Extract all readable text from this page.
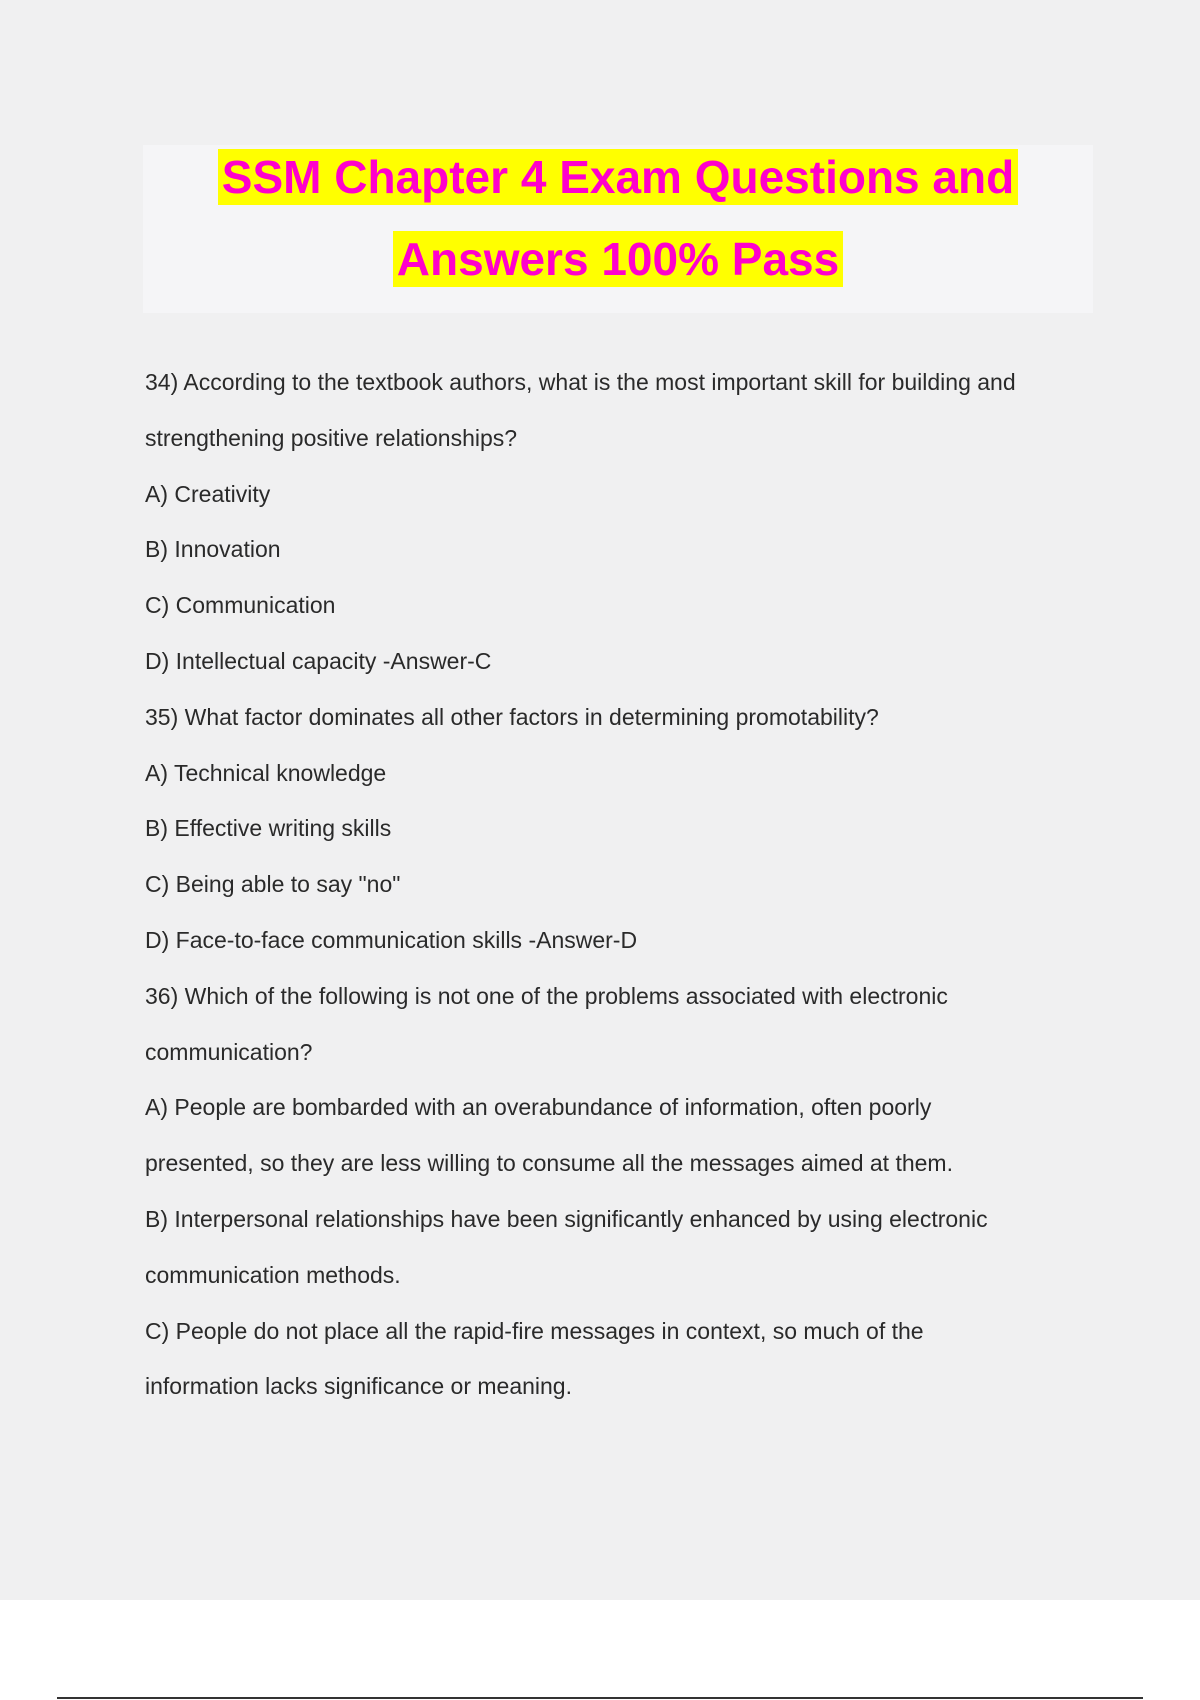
SSM Chapter 4 Exam Questions and
Answers 100% Pass
34) According to the textbook authors, what is the most important skill for building and
strengthening positive relationships?
A) Creativity
B) Innovation
C) Communication
D) Intellectual capacity -Answer-C
35) What factor dominates all other factors in determining promotability?
A) Technical knowledge
B) Effective writing skills
C) Being able to say "no"
D) Face-to-face communication skills -Answer-D
36) Which of the following is not one of the problems associated with electronic
communication?
A) People are bombarded with an overabundance of information, often poorly
presented, so they are less willing to consume all the messages aimed at them.
B) Interpersonal relationships have been significantly enhanced by using electronic
communication methods.
C) People do not place all the rapid-fire messages in context, so much of the
information lacks significance or meaning.
